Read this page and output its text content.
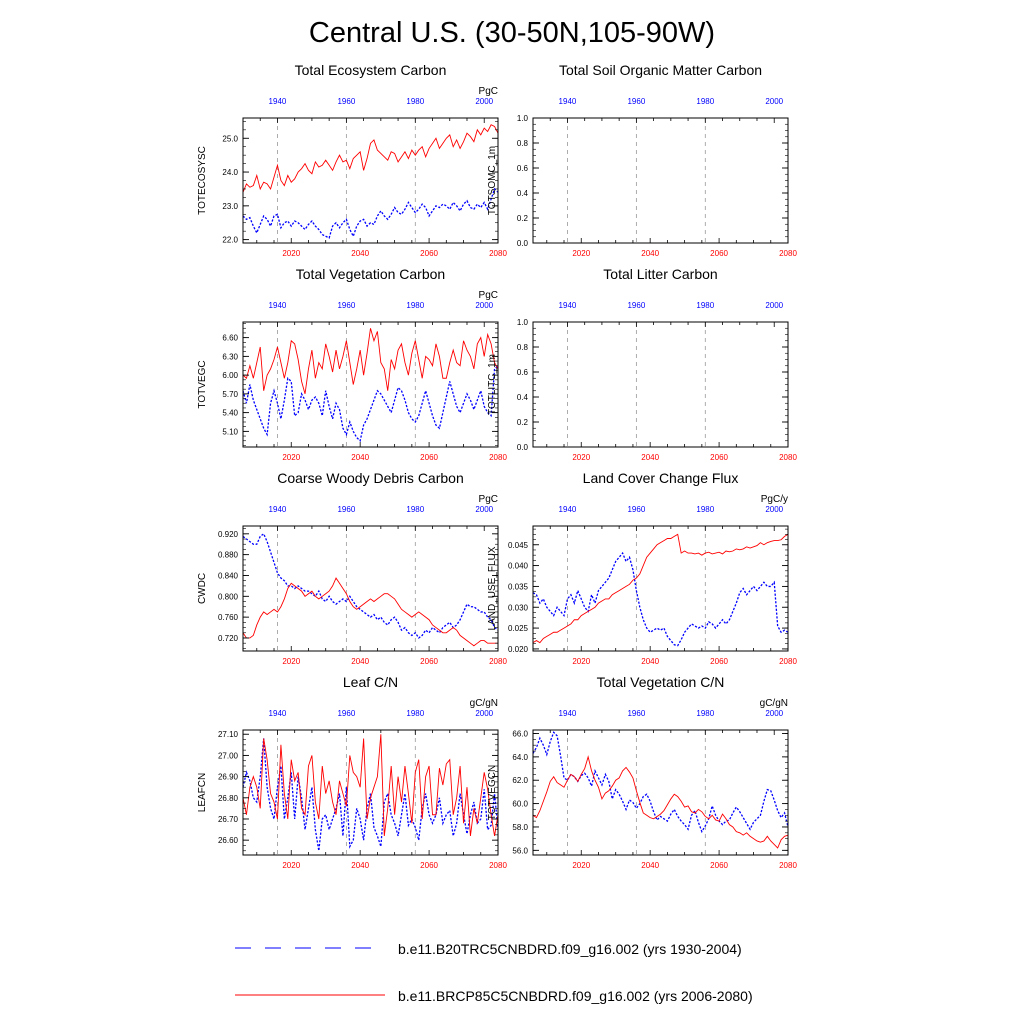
Central U.S. (30-50N,105-90W)
Total Ecosystem Carbon
PgC
TOTECOSYSC
2020	2040	2060	2080
1940	1960	1980	2000
22.0
23.0
24.0
25.0
Total Soil Organic Matter Carbon
TOTSOMC_1m
2020	2040	2060	2080
1940	1960	1980	2000
0.0
0.2
0.4
0.6
0.8
1.0
Total Vegetation Carbon
PgC
TOTVEGC
2020	2040	2060	2080
1940	1960	1980	2000
5.10
5.40
5.70
6.00
6.30
6.60
Total Litter Carbon
TOTLITC_1m
2020	2040	2060	2080
1940	1960	1980	2000
0.0
0.2
0.4
0.6
0.8
1.0
Coarse Woody Debris Carbon
PgC
CWDC
2020	2040	2060	2080
1940	1960	1980	2000
0.720
0.760
0.800
0.840
0.880
0.920
Land Cover Change Flux
PgC/y
LAND_USE_FLUX
2020	2040	2060	2080
1940	1960	1980	2000
0.020
0.025
0.030
0.035
0.040
0.045
Leaf C/N
gC/gN
LEAFCN
2020	2040	2060	2080
1940	1960	1980	2000
26.60
26.70
26.80
26.90
27.00
27.10
Total Vegetation C/N
gC/gN
TOTVEGCN
2020	2040	2060	2080
1940	1960	1980	2000
56.0
58.0
60.0
62.0
64.0
66.0
b.e11.B20TRC5CNBDRD.f09_g16.002 (yrs 1930-2004)
b.e11.BRCP85C5CNBDRD.f09_g16.002 (yrs 2006-2080)
